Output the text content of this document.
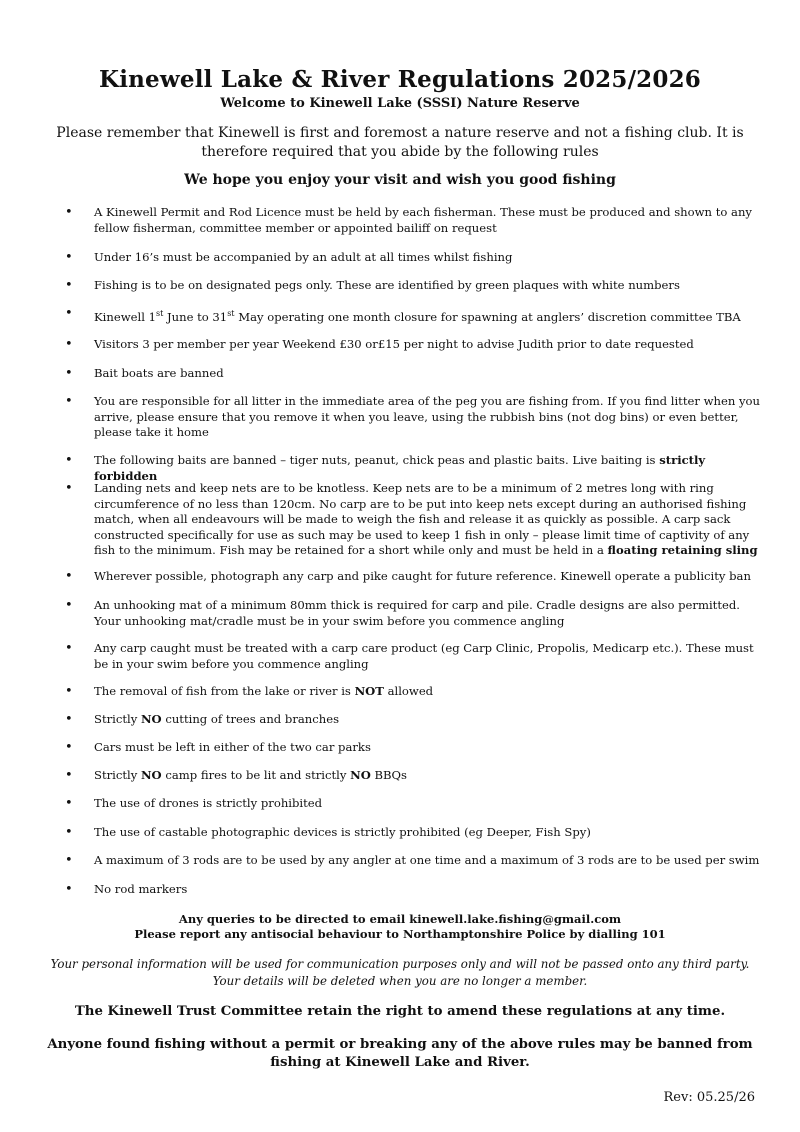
Kinewell Lake & River Regulations 2025/2026
Welcome to Kinewell Lake (SSSI) Nature Reserve
Please remember that Kinewell is first and foremost a nature reserve and not a fishing club. It is therefore required that you abide by the following rules
We hope you enjoy your visit and wish you good fishing
• A Kinewell Permit and Rod Licence must be held by each fisherman. These must be produced and shown to any fellow fisherman, committee member or appointed bailiff on request
• Under 16’s must be accompanied by an adult at all times whilst fishing
• Fishing is to be on designated pegs only. These are identified by green plaques with white numbers
• Kinewell 1st June to 31st May operating one month closure for spawning at anglers’ discretion committee TBA
• Visitors 3 per member per year Weekend £30 or£15 per night to advise Judith prior to date requested
• Bait boats are banned
• You are responsible for all litter in the immediate area of the peg you are fishing from. If you find litter when you arrive, please ensure that you remove it when you leave, using the rubbish bins (not dog bins) or even better, please take it home
• The following baits are banned – tiger nuts, peanut, chick peas and plastic baits. Live baiting is strictly forbidden
• Landing nets and keep nets are to be knotless. Keep nets are to be a minimum of 2 metres long with ring circumference of no less than 120cm. No carp are to be put into keep nets except during an authorised fishing match, when all endeavours will be made to weigh the fish and release it as quickly as possible. A carp sack constructed specifically for use as such may be used to keep 1 fish in only – please limit time of captivity of any fish to the minimum. Fish may be retained for a short while only and must be held in a floating retaining sling
• Wherever possible, photograph any carp and pike caught for future reference. Kinewell operate a publicity ban
• An unhooking mat of a minimum 80mm thick is required for carp and pile. Cradle designs are also permitted. Your unhooking mat/cradle must be in your swim before you commence angling
• Any carp caught must be treated with a carp care product (eg Carp Clinic, Propolis, Medicarp etc.). These must be in your swim before you commence angling
• The removal of fish from the lake or river is NOT allowed
• Strictly NO cutting of trees and branches
• Cars must be left in either of the two car parks
• Strictly NO camp fires to be lit and strictly NO BBQs
• The use of drones is strictly prohibited
• The use of castable photographic devices is strictly prohibited (eg Deeper, Fish Spy)
• A maximum of 3 rods are to be used by any angler at one time and a maximum of 3 rods are to be used per swim
• No rod markers
Any queries to be directed to email kinewell.lake.fishing@gmail.com
Please report any antisocial behaviour to Northamptonshire Police by dialling 101
Your personal information will be used for communication purposes only and will not be passed onto any third party. Your details will be deleted when you are no longer a member.
The Kinewell Trust Committee retain the right to amend these regulations at any time.
Anyone found fishing without a permit or breaking any of the above rules may be banned from fishing at Kinewell Lake and River.
Rev: 05.25/26
